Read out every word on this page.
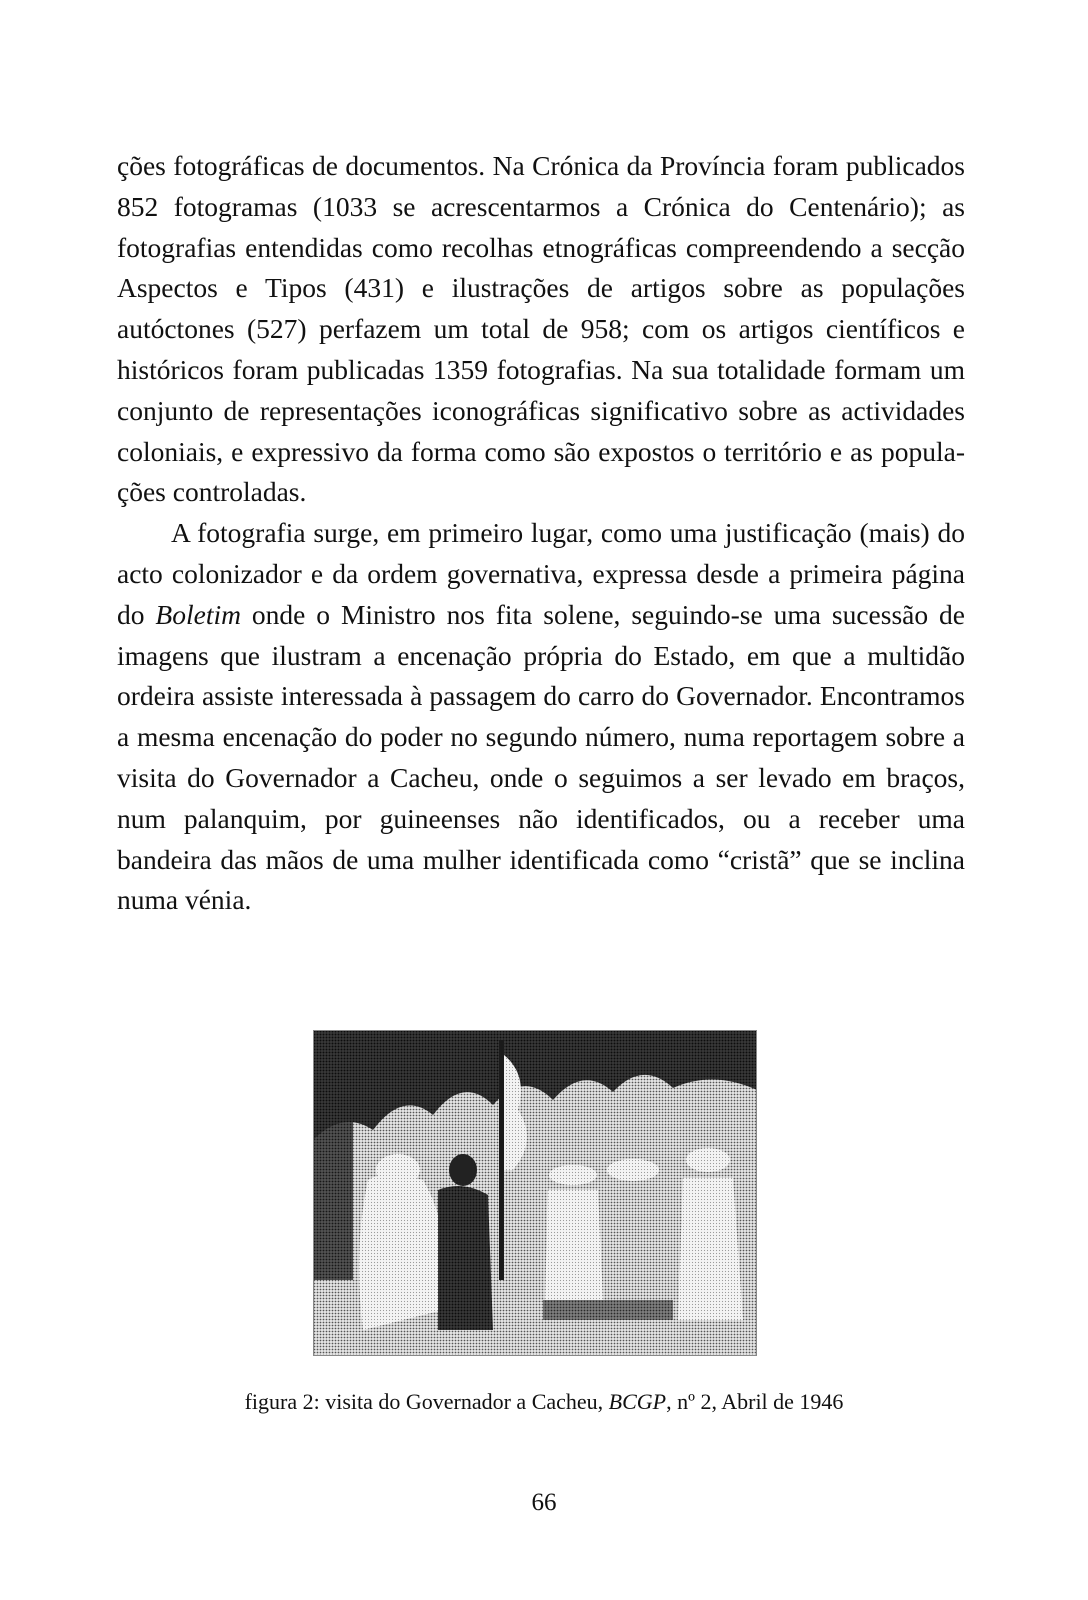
ções fotográficas de documentos. Na Crónica da Província foram publicados 852 fotogramas (1033 se acrescentarmos a Crónica do Centenário); as fotografias entendidas como recolhas etnográficas compreendendo a secção Aspectos e Tipos (431) e ilustrações de artigos sobre as populações autóctones (527) perfazem um total de 958; com os artigos científicos e históricos foram publicadas 1359 fotografias. Na sua totalidade formam um conjunto de representações iconográficas significativo sobre as actividades coloniais, e expressivo da forma como são expostos o território e as populações controladas.

A fotografia surge, em primeiro lugar, como uma justificação (mais) do acto colonizador e da ordem governativa, expressa desde a primeira página do Boletim onde o Ministro nos fita solene, seguindo-se uma sucessão de imagens que ilustram a encenação própria do Estado, em que a multidão ordeira assiste interessada à passagem do carro do Governador. Encontramos a mesma encenação do poder no segundo número, numa reportagem sobre a visita do Governador a Cacheu, onde o seguimos a ser levado em braços, num palanquim, por guineenses não identificados, ou a receber uma bandeira das mãos de uma mulher identificada como “cristã” que se inclina numa vénia.

figura 2: visita do Governador a Cacheu, BCGP, nº 2, Abril de 1946
66
